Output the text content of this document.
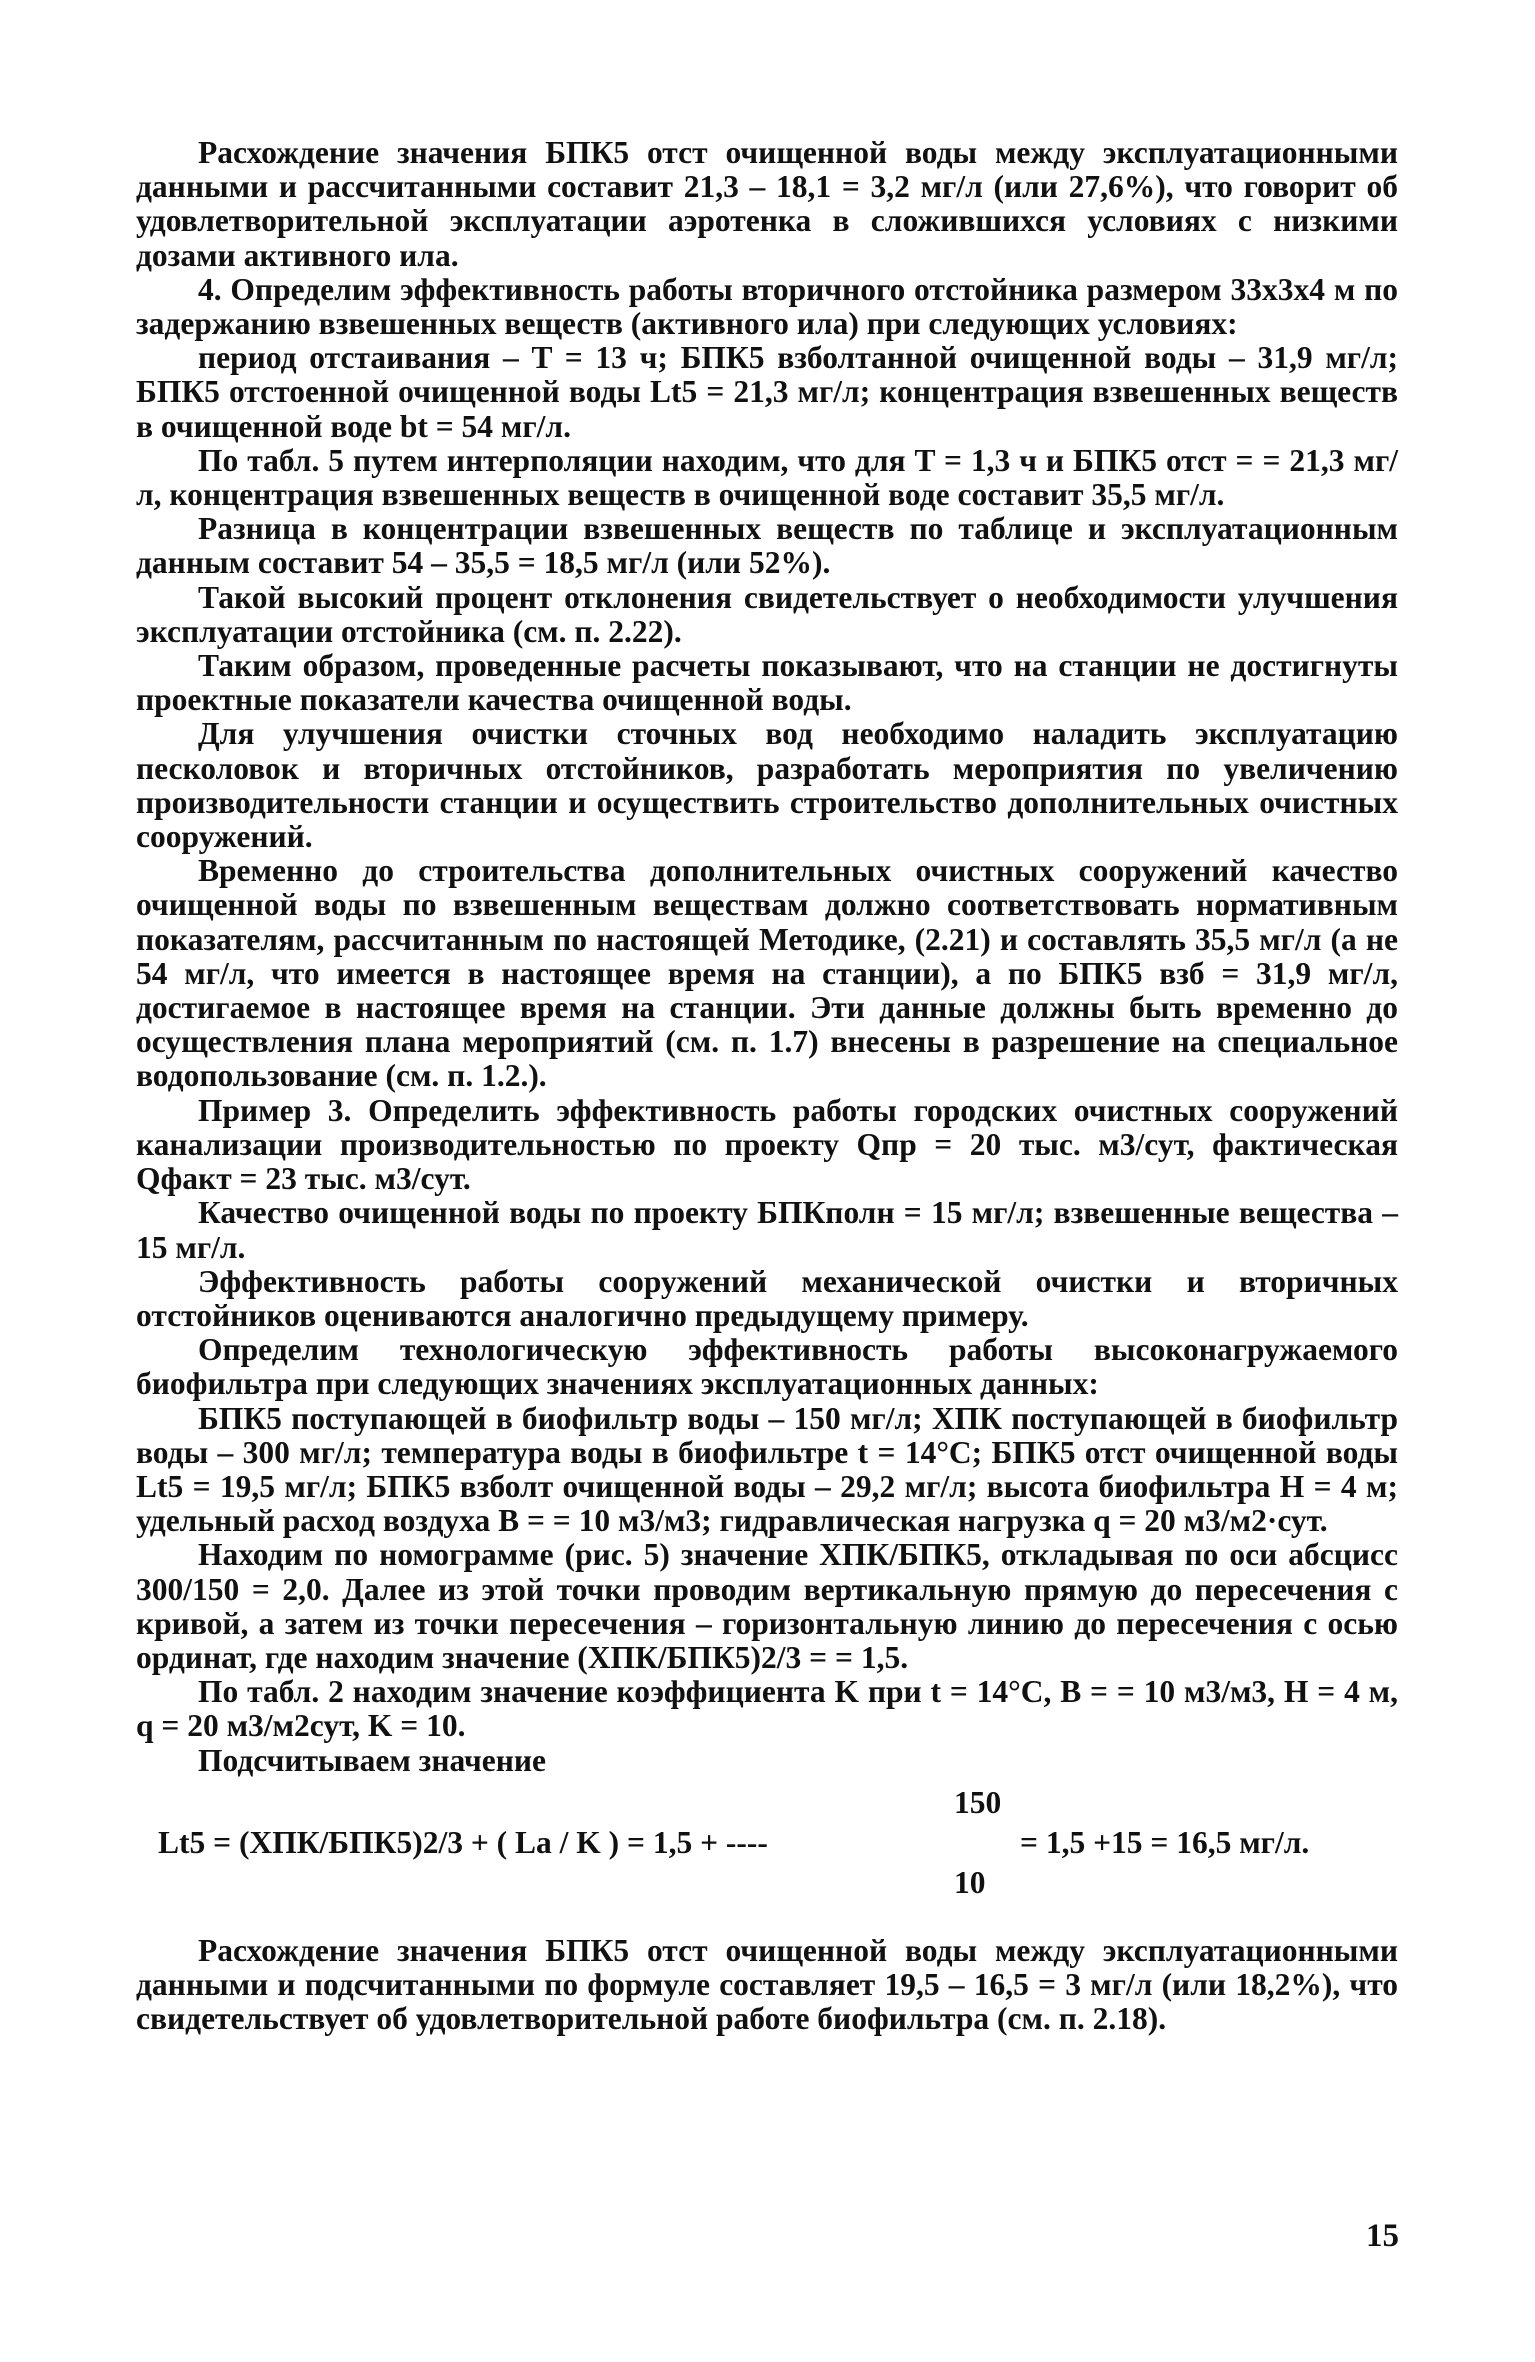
Расхождение значения БПК5 отст очищенной воды между эксплуатационными данными и рассчитанными составит 21,3 – 18,1 = 3,2 мг/л (или 27,6%), что говорит об удовлетворительной эксплуатации аэротенка в сложившихся условиях с низкими дозами активного ила.

4. Определим эффективность работы вторичного отстойника размером 33х3х4 м по задержанию взвешенных веществ (активного ила) при следующих условиях:

период отстаивания – T = 13 ч; БПК5 взболтанной очищенной воды – 31,9 мг/л; БПК5 отстоенной очищенной воды Lt5 = 21,3 мг/л; концентрация взвешенных веществ в очищенной воде bt = 54 мг/л.

По табл. 5 путем интерполяции находим, что для T = 1,3 ч и БПК5 отст = = 21,3 мг/л, концентрация взвешенных веществ в очищенной воде составит 35,5 мг/л.

Разница в концентрации взвешенных веществ по таблице и эксплуатационным данным составит 54 – 35,5 = 18,5 мг/л (или 52%).

Такой высокий процент отклонения свидетельствует о необходимости улучшения эксплуатации отстойника (см. п. 2.22).

Таким образом, проведенные расчеты показывают, что на станции не достигнуты проектные показатели качества очищенной воды.

Для улучшения очистки сточных вод необходимо наладить эксплуатацию песколовок и вторичных отстойников, разработать мероприятия по увеличению производительности станции и осуществить строительство дополнительных очистных сооружений.

Временно до строительства дополнительных очистных сооружений качество очищенной воды по взвешенным веществам должно соответствовать нормативным показателям, рассчитанным по настоящей Методике, (2.21) и составлять 35,5 мг/л (а не 54 мг/л, что имеется в настоящее время на станции), а по БПК5 взб = 31,9 мг/л, достигаемое в настоящее время на станции. Эти данные должны быть временно до осуществления плана мероприятий (см. п. 1.7) внесены в разрешение на специальное водопользование (см. п. 1.2.).

Пример 3. Определить эффективность работы городских очистных сооружений канализации производительностью по проекту Qпр = 20 тыс. м3/сут, фактическая Qфакт = 23 тыс. м3/сут.

Качество очищенной воды по проекту БПКполн = 15 мг/л; взвешенные вещества – 15 мг/л.

Эффективность работы сооружений механической очистки и вторичных отстойников оцениваются аналогично предыдущему примеру.

Определим технологическую эффективность работы высоконагружаемого биофильтра при следующих значениях эксплуатационных данных:

БПК5 поступающей в биофильтр воды – 150 мг/л; ХПК поступающей в биофильтр воды – 300 мг/л; температура воды в биофильтре t = 14°С; БПК5 отст очищенной воды Lt5 = 19,5 мг/л; БПК5 взболт очищенной воды – 29,2 мг/л; высота биофильтра H = 4 м; удельный расход воздуха B = = 10 м3/м3; гидравлическая нагрузка q = 20 м3/м2·сут.

Находим по номограмме (рис. 5) значение ХПК/БПК5, откладывая по оси абсцисс 300/150 = 2,0. Далее из этой точки проводим вертикальную прямую до пересечения с кривой, а затем из точки пересечения – горизонтальную линию до пересечения с осью ординат, где находим значение (ХПК/БПК5)2/3 = = 1,5.

По табл. 2 находим значение коэффициента K при t = 14°С, B = = 10 м3/м3, H = 4 м, q = 20 м3/м2сут, K = 10.

Подсчитываем значение

150
Lt5 = (ХПК/БПК5)2/3 + ( La / K ) = 1,5 + ----
10
= 1,5 +15 = 16,5 мг/л.

Расхождение значения БПК5 отст очищенной воды между эксплуатационными данными и подсчитанными по формуле составляет 19,5 – 16,5 = 3 мг/л (или 18,2%), что свидетельствует об удовлетворительной работе биофильтра (см. п. 2.18).

15
